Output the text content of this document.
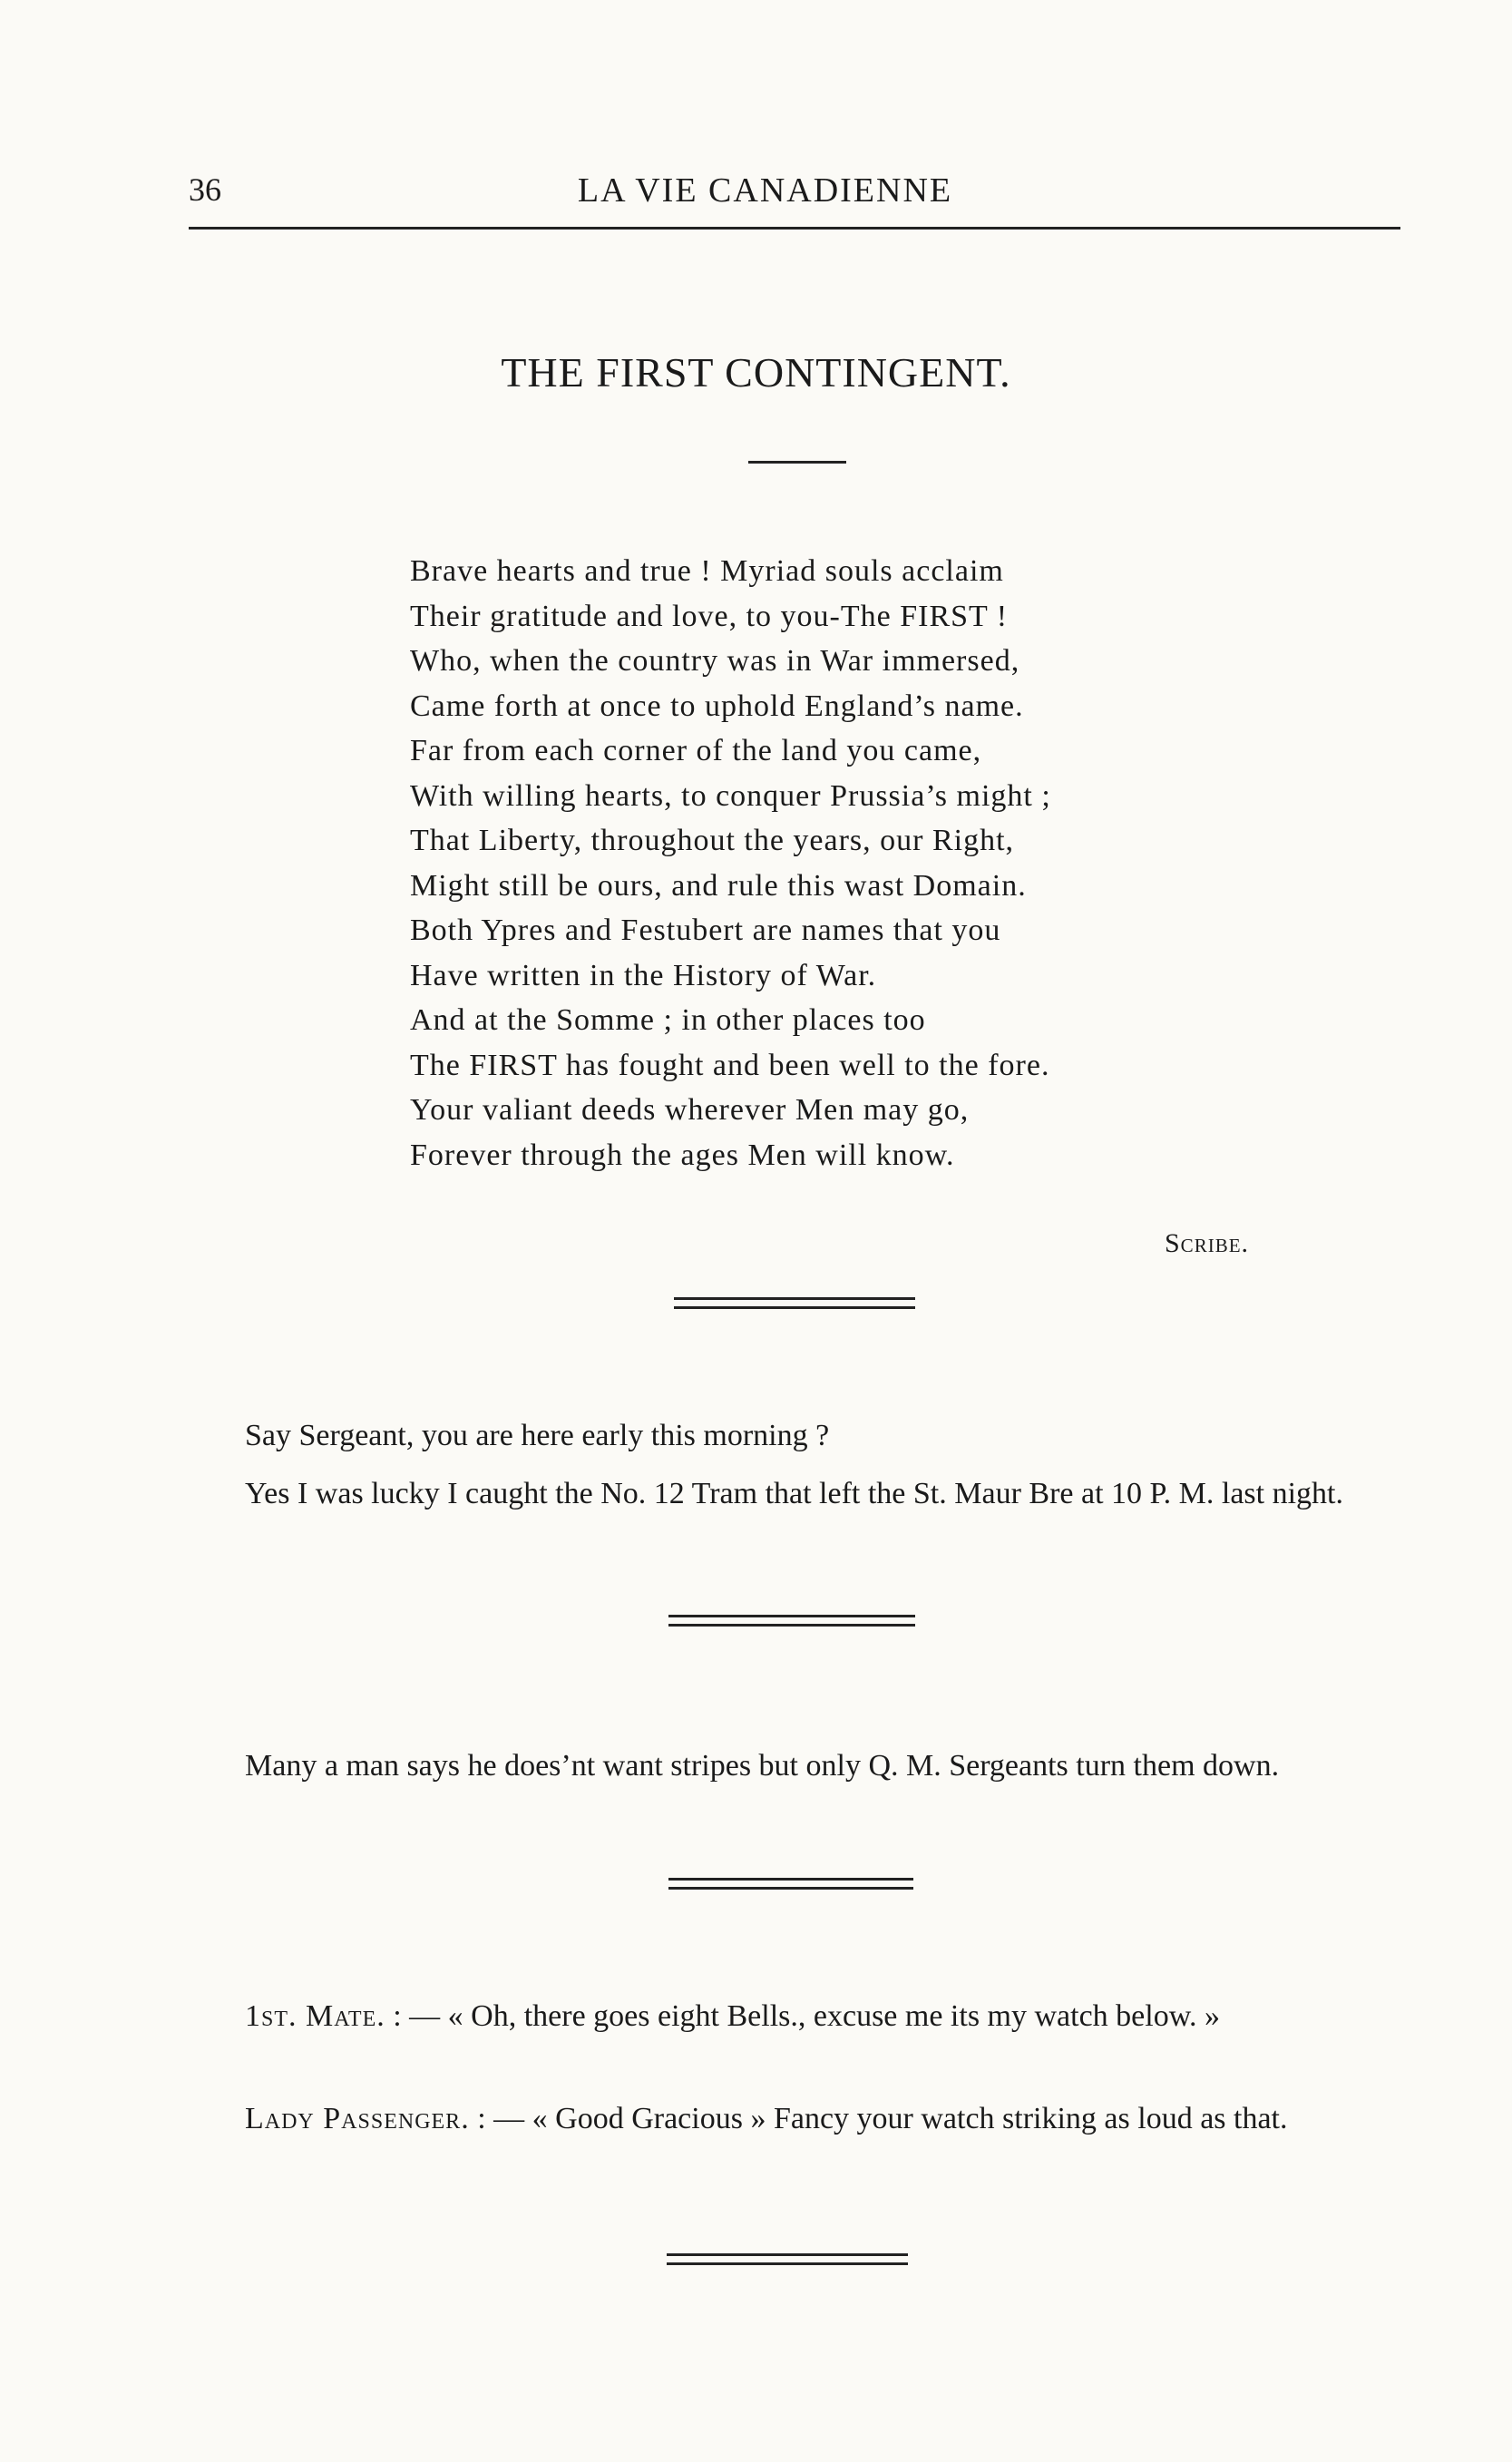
36	LA VIE CANADIENNE
THE FIRST CONTINGENT.
Brave hearts and true ! Myriad souls acclaim
Their gratitude and love, to you-The FIRST !
Who, when the country was in War immersed,
Came forth at once to uphold England’s name.
Far from each corner of the land you came,
With willing hearts, to conquer Prussia’s might ;
That Liberty, throughout the years, our Right,
Might still be ours, and rule this wast Domain.
Both Ypres and Festubert are names that you
Have written in the History of War.
And at the Somme ; in other places too
The FIRST has fought and been well to the fore.
Your valiant deeds wherever Men may go,
Forever through the ages Men will know.
Scribe.
Say Sergeant, you are here early this morning ?
Yes I was lucky I caught the No. 12 Tram that left the St. Maur Bre at 10 P. M. last night.
Many a man says he does’nt want stripes but only Q. M. Sergeants turn them down.
1st. Mate. : — « Oh, there goes eight Bells., excuse me its my watch below. »
Lady Passenger. : — « Good Gracious » Fancy your watch striking as loud as that.
